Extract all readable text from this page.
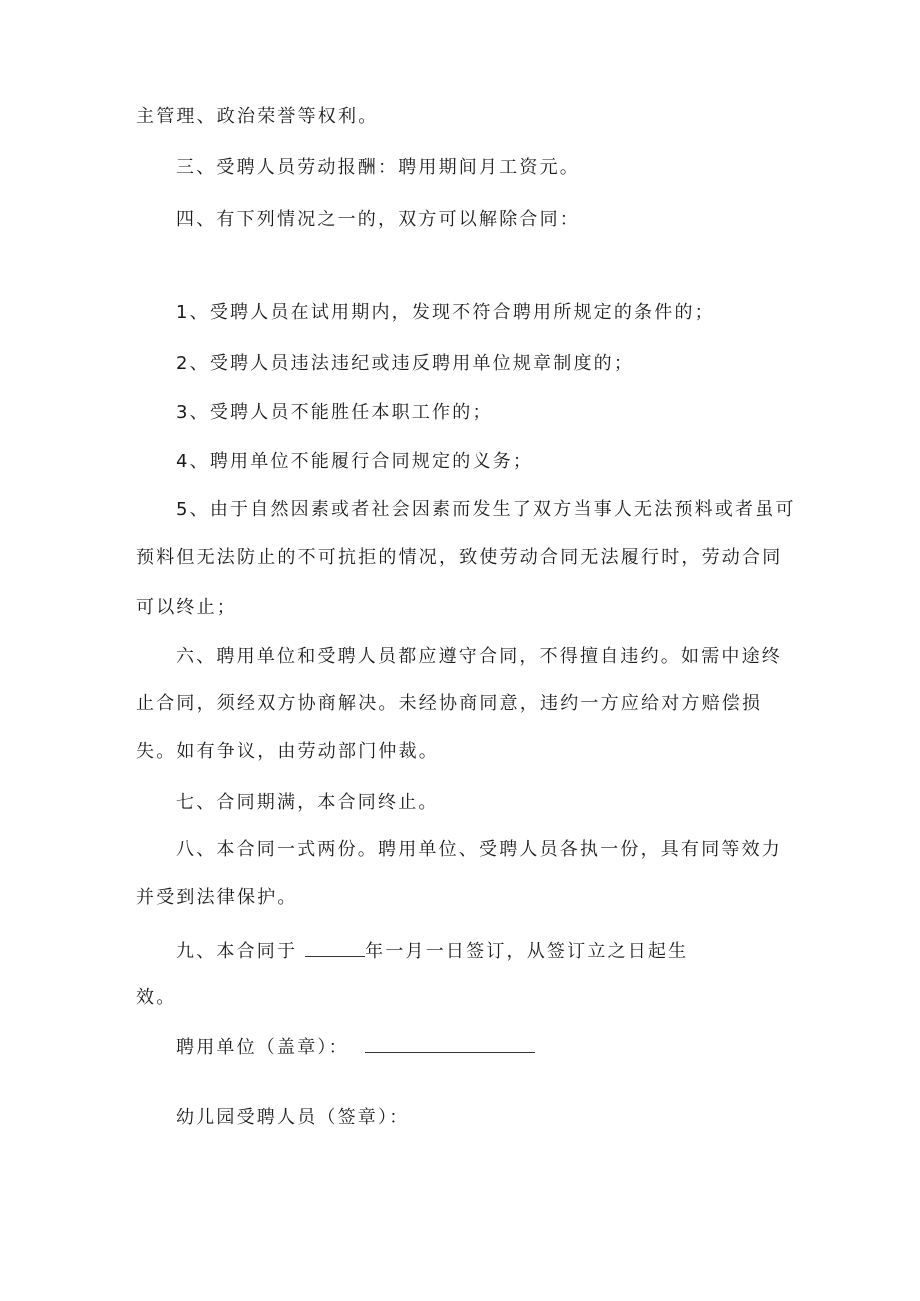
主管理、政治荣誉等权利。
三、受聘人员劳动报酬：聘用期间月工资元。
四、有下列情况之一的，双方可以解除合同：
1、受聘人员在试用期内，发现不符合聘用所规定的条件的；
2、受聘人员违法违纪或违反聘用单位规章制度的；
3、受聘人员不能胜任本职工作的；
4、聘用单位不能履行合同规定的义务；
5、由于自然因素或者社会因素而发生了双方当事人无法预料或者虽可
预料但无法防止的不可抗拒的情况，致使劳动合同无法履行时，劳动合同
可以终止；
六、聘用单位和受聘人员都应遵守合同，不得擅自违约。如需中途终
止合同，须经双方协商解决。未经协商同意，违约一方应给对方赔偿损
失。如有争议，由劳动部门仲裁。
七、合同期满，本合同终止。
八、本合同一式两份。聘用单位、受聘人员各执一份，具有同等效力
并受到法律保护。
九、本合同于	年一月一日签订，从签订立之日起生
效。
聘用单位（盖章）：
幼儿园受聘人员（签章）：
